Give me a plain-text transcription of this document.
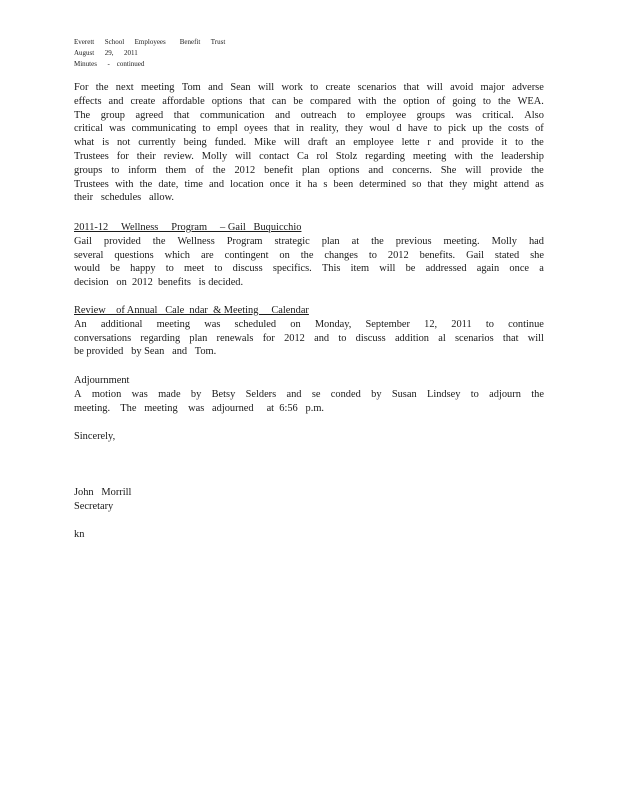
Everett      School      Employees        Benefit      Trust
August      29,      2011
Minutes      -    continued
For the next meeting Tom and Sean will work to create scenarios that will avoid major adverse
effects and create affordable options that can be compared with the option of going to the WEA.
The group agreed that communication and outreach to employee groups was critical. Also
critical was communicating to empl oyees that in reality, they woul d have to pick up the costs of
what is not currently being funded. Mike will draft an employee lette r and provide it to the
Trustees for their review. Molly will contact Ca rol Stolz regarding meeting with the leadership
groups to inform them of the 2012 benefit plan options and concerns. She will provide the
Trustees with the date, time and location once it ha s been determined so that they might attend as
their   schedules   allow.
2011-12     Wellness     Program     – Gail   Buquicchio
Gail provided the Wellness Program strategic plan at the previous meeting. Molly had
several questions which are contingent on the changes to 2012 benefits. Gail stated she
would be happy to meet to discuss specifics. This item will be addressed again once a
decision   on  2012  benefits   is decided.
Review    of Annual   Cale  ndar  & Meeting     Calendar
An additional meeting was scheduled on Monday, September 12, 2011 to continue
conversations regarding plan renewals for 2012 and to discuss addition al scenarios that will
be provided   by Sean   and   Tom.
Adjournment
A motion was made by Betsy Selders and se conded by Susan Lindsey to adjourn the
meeting.    The   meeting    was   adjourned     at  6:56   p.m.
Sincerely,
John   Morrill
Secretary
kn
